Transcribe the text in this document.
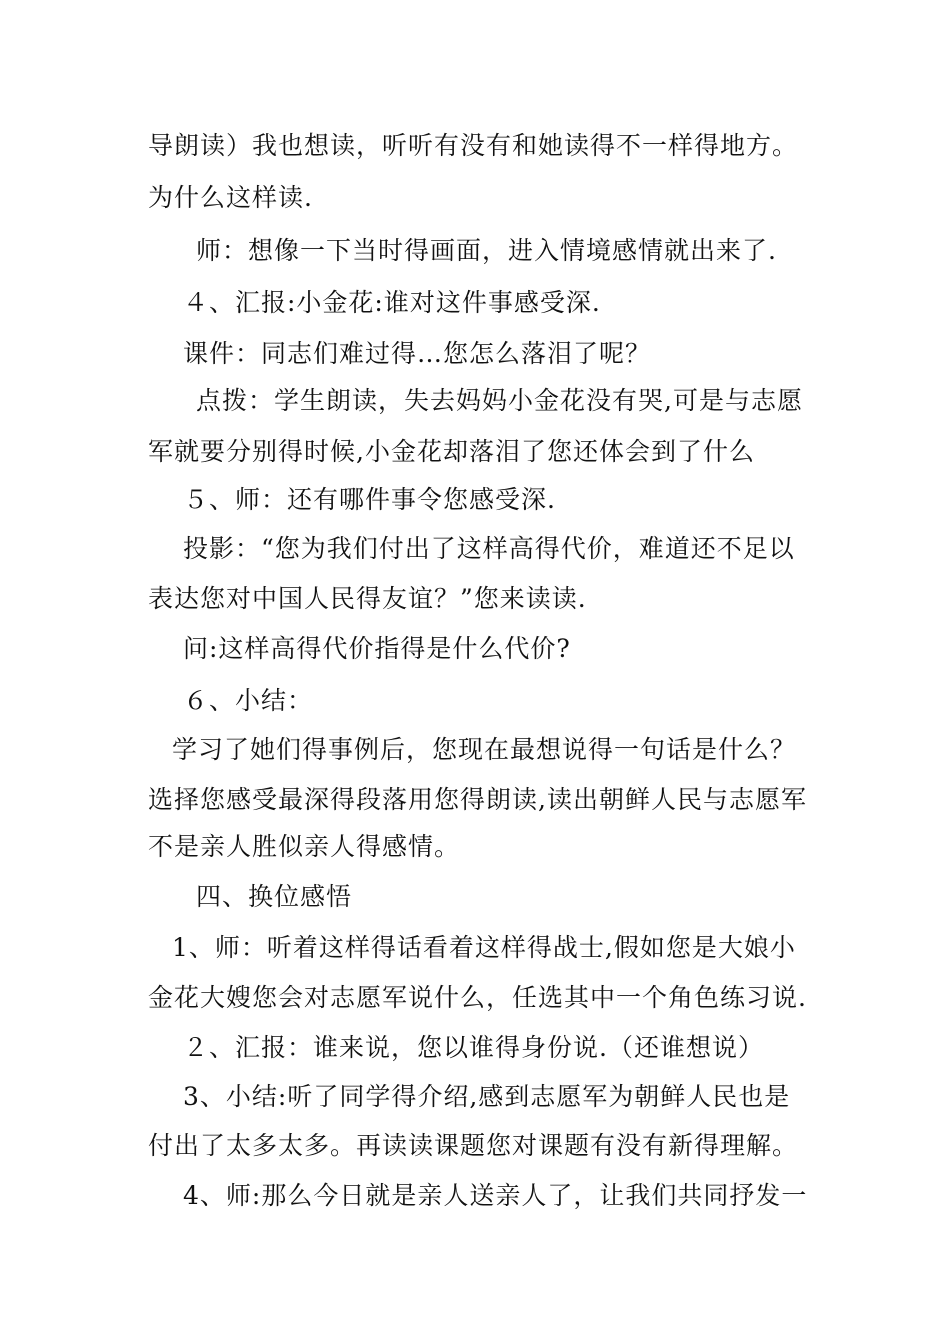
导朗读）我也想读，听听有没有和她读得不一样得地方。
为什么这样读.
师：想像一下当时得画面，进入情境感情就出来了.
４、汇报:小金花:谁对这件事感受深.
课件：同志们难过得…您怎么落泪了呢？
点拨：学生朗读，失去妈妈小金花没有哭,可是与志愿
军就要分别得时候,小金花却落泪了您还体会到了什么
５、师：还有哪件事令您感受深.
投影：“您为我们付出了这样高得代价，难道还不足以
表达您对中国人民得友谊？”您来读读.
问:这样高得代价指得是什么代价?
６、小结：
学习了她们得事例后，您现在最想说得一句话是什么？
选择您感受最深得段落用您得朗读,读出朝鲜人民与志愿军
不是亲人胜似亲人得感情。
四、换位感悟
1、师：听着这样得话看着这样得战士,假如您是大娘小
金花大嫂您会对志愿军说什么，任选其中一个角色练习说.
２、汇报：谁来说，您以谁得身份说.（还谁想说）
3、小结:听了同学得介绍,感到志愿军为朝鲜人民也是
付出了太多太多。再读读课题您对课题有没有新得理解。
4、师:那么今日就是亲人送亲人了，让我们共同抒发一
